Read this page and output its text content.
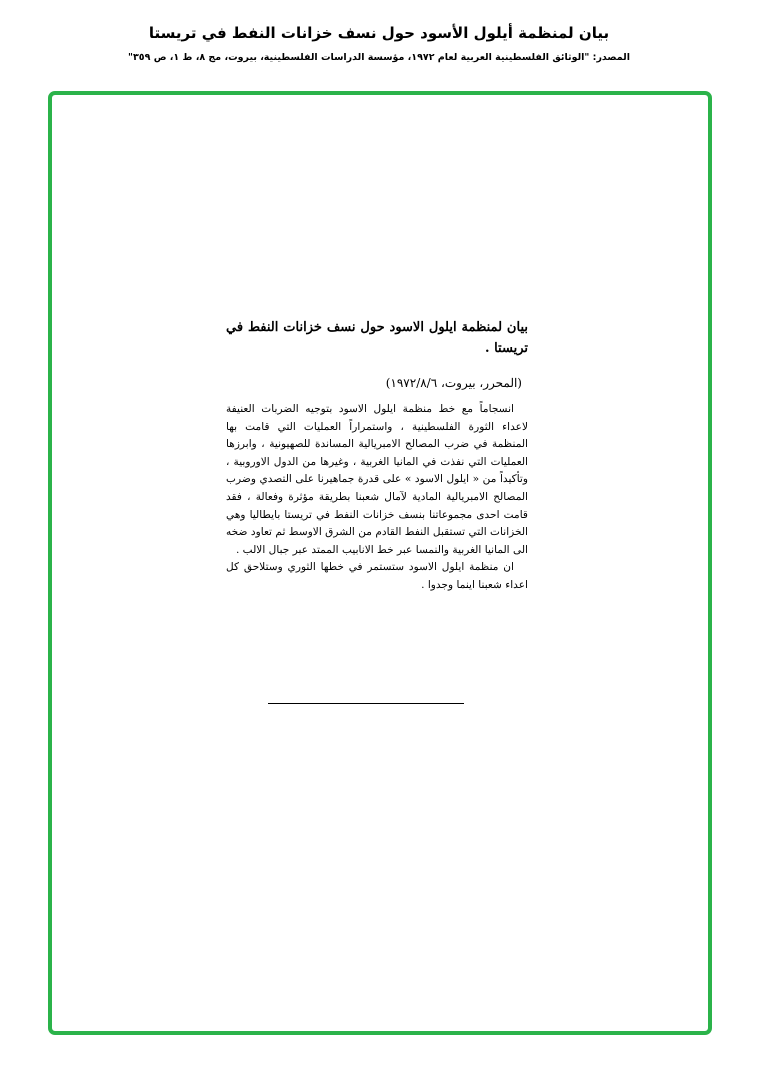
بيان لمنظمة أيلول الأسود حول نسف خزانات النفط في تريستا
المصدر: "الوثائق الفلسطينية العربية لعام ١٩٧٢، مؤسسة الدراسات الفلسطينية، بيروت، مج ٨، ط ١، ص ٣٥٩"
بيان لمنظمة ايلول الاسود حول نسف خزانات النفط في تريستا .
(المحرر، بيروت، ١٩٧٢/٨/٦)
انسجاماً مع خط منظمة ايلول الاسود بتوجيه الضربات العنيفة لاعداء الثورة الفلسطينية ، واستمراراً العمليات التي قامت بها المنظمة في ضرب المصالح الامبريالية المساندة للصهيونية ، وابرزها العمليات التي نفذت في المانيا الغربية ، وغيرها من الدول الاوروبية ، وتأكيداً من « ايلول الاسود » على قدرة جماهيرنا على التصدي وضرب المصالح الامبريالية المادية لآمال شعبنا بطريقة مؤثرة وفعالة ، فقد قامت احدى مجموعاتنا بنسف خزانات النفط في تريستا بايطاليا وهي الخزانات التي تستقبل النفط القادم من الشرق الاوسط ثم تعاود ضخه الى المانيا الغربية والنمسا عبر خط الانابيب الممتد عبر جبال الالب .
ان منظمة ايلول الاسود ستستمر في خطها الثوري وستلاحق كل اعداء شعبنا اينما وجدوا .
